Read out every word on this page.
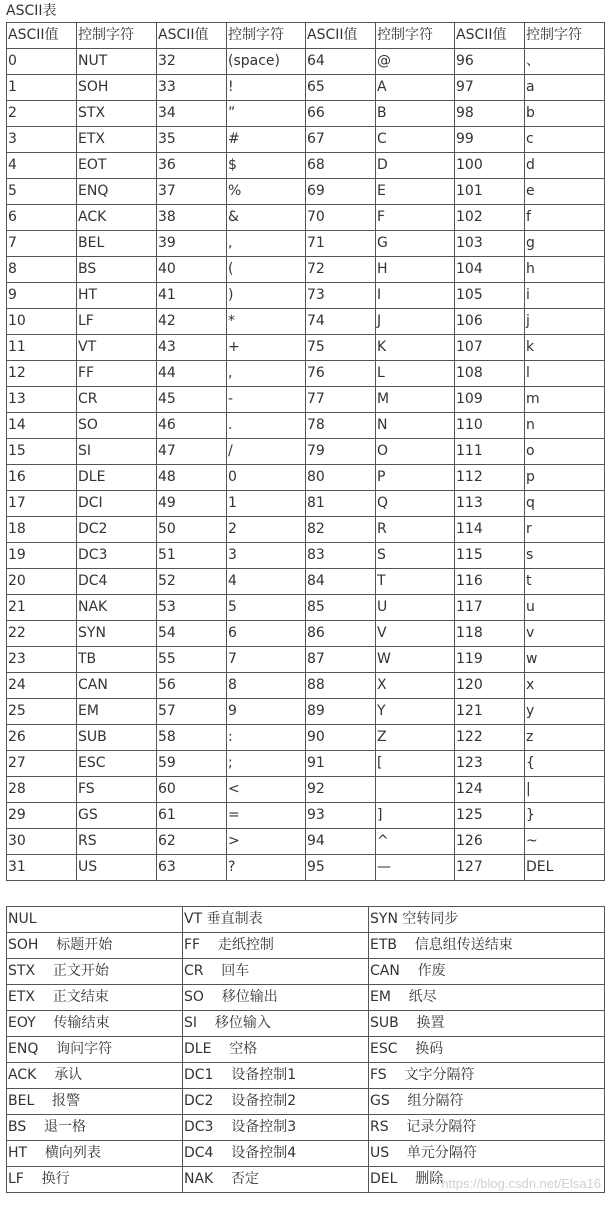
ASCII表
ASCII值	控制字符	ASCII值	控制字符	ASCII值	控制字符	ASCII值	控制字符
0	NUT	32	(space)	64	@	96	、
1	SOH	33	!	65	A	97	a
2	STX	34	”	66	B	98	b
3	ETX	35	#	67	C	99	c
4	EOT	36	$	68	D	100	d
5	ENQ	37	%	69	E	101	e
6	ACK	38	&	70	F	102	f
7	BEL	39	,	71	G	103	g
8	BS	40	(	72	H	104	h
9	HT	41	)	73	I	105	i
10	LF	42	*	74	J	106	j
11	VT	43	+	75	K	107	k
12	FF	44	,	76	L	108	l
13	CR	45	-	77	M	109	m
14	SO	46	.	78	N	110	n
15	SI	47	/	79	O	111	o
16	DLE	48	0	80	P	112	p
17	DCI	49	1	81	Q	113	q
18	DC2	50	2	82	R	114	r
19	DC3	51	3	83	S	115	s
20	DC4	52	4	84	T	116	t
21	NAK	53	5	85	U	117	u
22	SYN	54	6	86	V	118	v
23	TB	55	7	87	W	119	w
24	CAN	56	8	88	X	120	x
25	EM	57	9	89	Y	121	y
26	SUB	58	:	90	Z	122	z
27	ESC	59	;	91	[	123	{
28	FS	60	<	92		124	|
29	GS	61	=	93	]	125	}
30	RS	62	>	94	^	126	~
31	US	63	?	95	—	127	DEL
NUL	VT 垂直制表	SYN 空转同步
SOH    标题开始	FF    走纸控制	ETB    信息组传送结束
STX    正文开始	CR    回车	CAN    作废
ETX    正文结束	SO    移位输出	EM    纸尽
EOY    传输结束	SI    移位输入	SUB    换置
ENQ    询问字符	DLE    空格	ESC    换码
ACK    承认	DC1    设备控制1	FS    文字分隔符
BEL    报警	DC2    设备控制2	GS    组分隔符
BS    退一格	DC3    设备控制3	RS    记录分隔符
HT    横向列表	DC4    设备控制4	US    单元分隔符
LF    换行	NAK    否定	DEL    删除
https://blog.csdn.net/Elsa16
